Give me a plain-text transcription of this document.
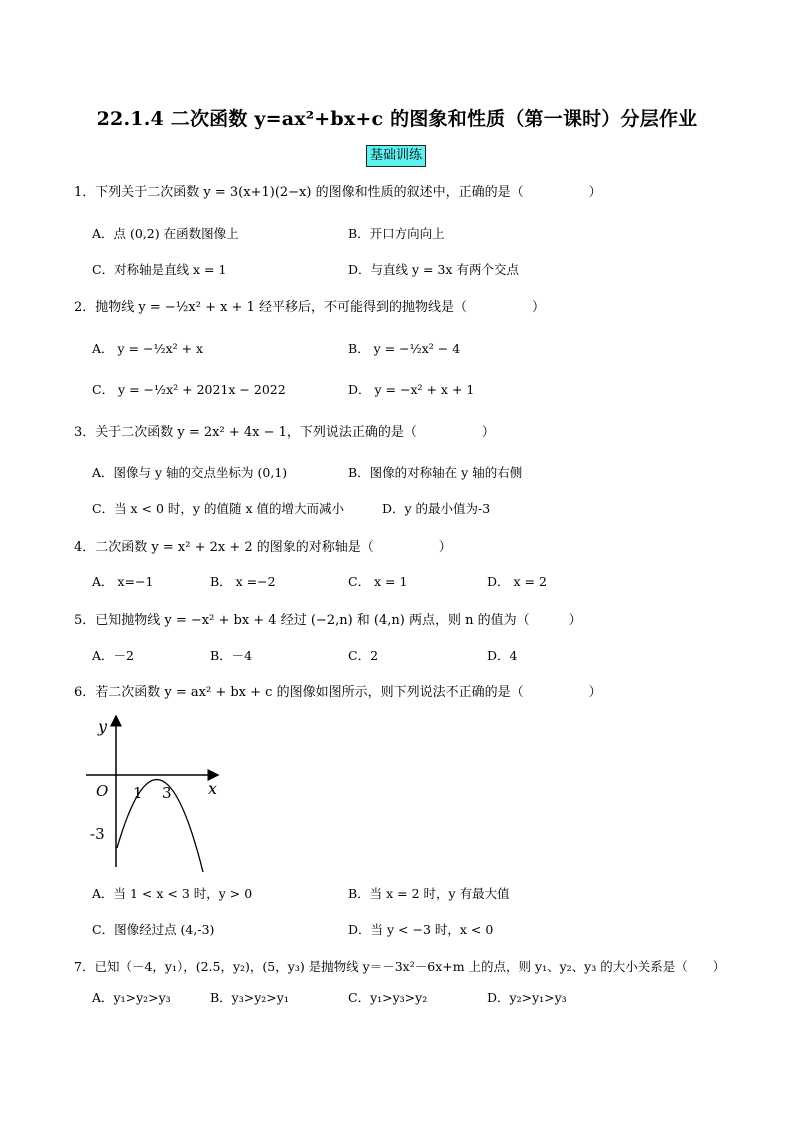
22.1.4 二次函数 y=ax²+bx+c 的图象和性质（第一课时）分层作业
基础训练
1．下列关于二次函数 y = 3(x+1)(2−x) 的图像和性质的叙述中，正确的是（　　　　　）
A．点 (0,2) 在函数图像上	B．开口方向向上
C．对称轴是直线 x = 1	D．与直线 y = 3x 有两个交点
2．抛物线 y = −½x² + x + 1 经平移后，不可能得到的抛物线是（　　　　　）
A． y = −½x² + x	B． y = −½x² − 4
C． y = −½x² + 2021x − 2022	D． y = −x² + x + 1
3．关于二次函数 y = 2x² + 4x − 1，下列说法正确的是（　　　　　）
A．图像与 y 轴的交点坐标为 (0,1)	B．图像的对称轴在 y 轴的右侧
C．当 x < 0 时，y 的值随 x 值的增大而减小	D．y 的最小值为-3
4．二次函数 y = x² + 2x + 2 的图象的对称轴是（　　　　　）
A． x=−1	B． x =−2	C． x = 1	D． x = 2
5．已知抛物线 y = −x² + bx + 4 经过 (−2,n) 和 (4,n) 两点，则 n 的值为（　　　）
A．－2	B．－4	C．2	D．4
6．若二次函数 y = ax² + bx + c 的图像如图所示，则下列说法不正确的是（　　　　　）
y
x
O 1 3
-3
A．当 1 < x < 3 时，y > 0	B．当 x = 2 时，y 有最大值
C．图像经过点 (4,-3)	D．当 y < −3 时，x < 0
7．已知（－4，y₁），(2.5，y₂)，(5，y₃) 是抛物线 y＝－3x²－6x+m 上的点，则 y₁、y₂、y₃ 的大小关系是（　　）
A．y₁>y₂>y₃	B．y₃>y₂>y₁	C．y₁>y₃>y₂	D．y₂>y₁>y₃
